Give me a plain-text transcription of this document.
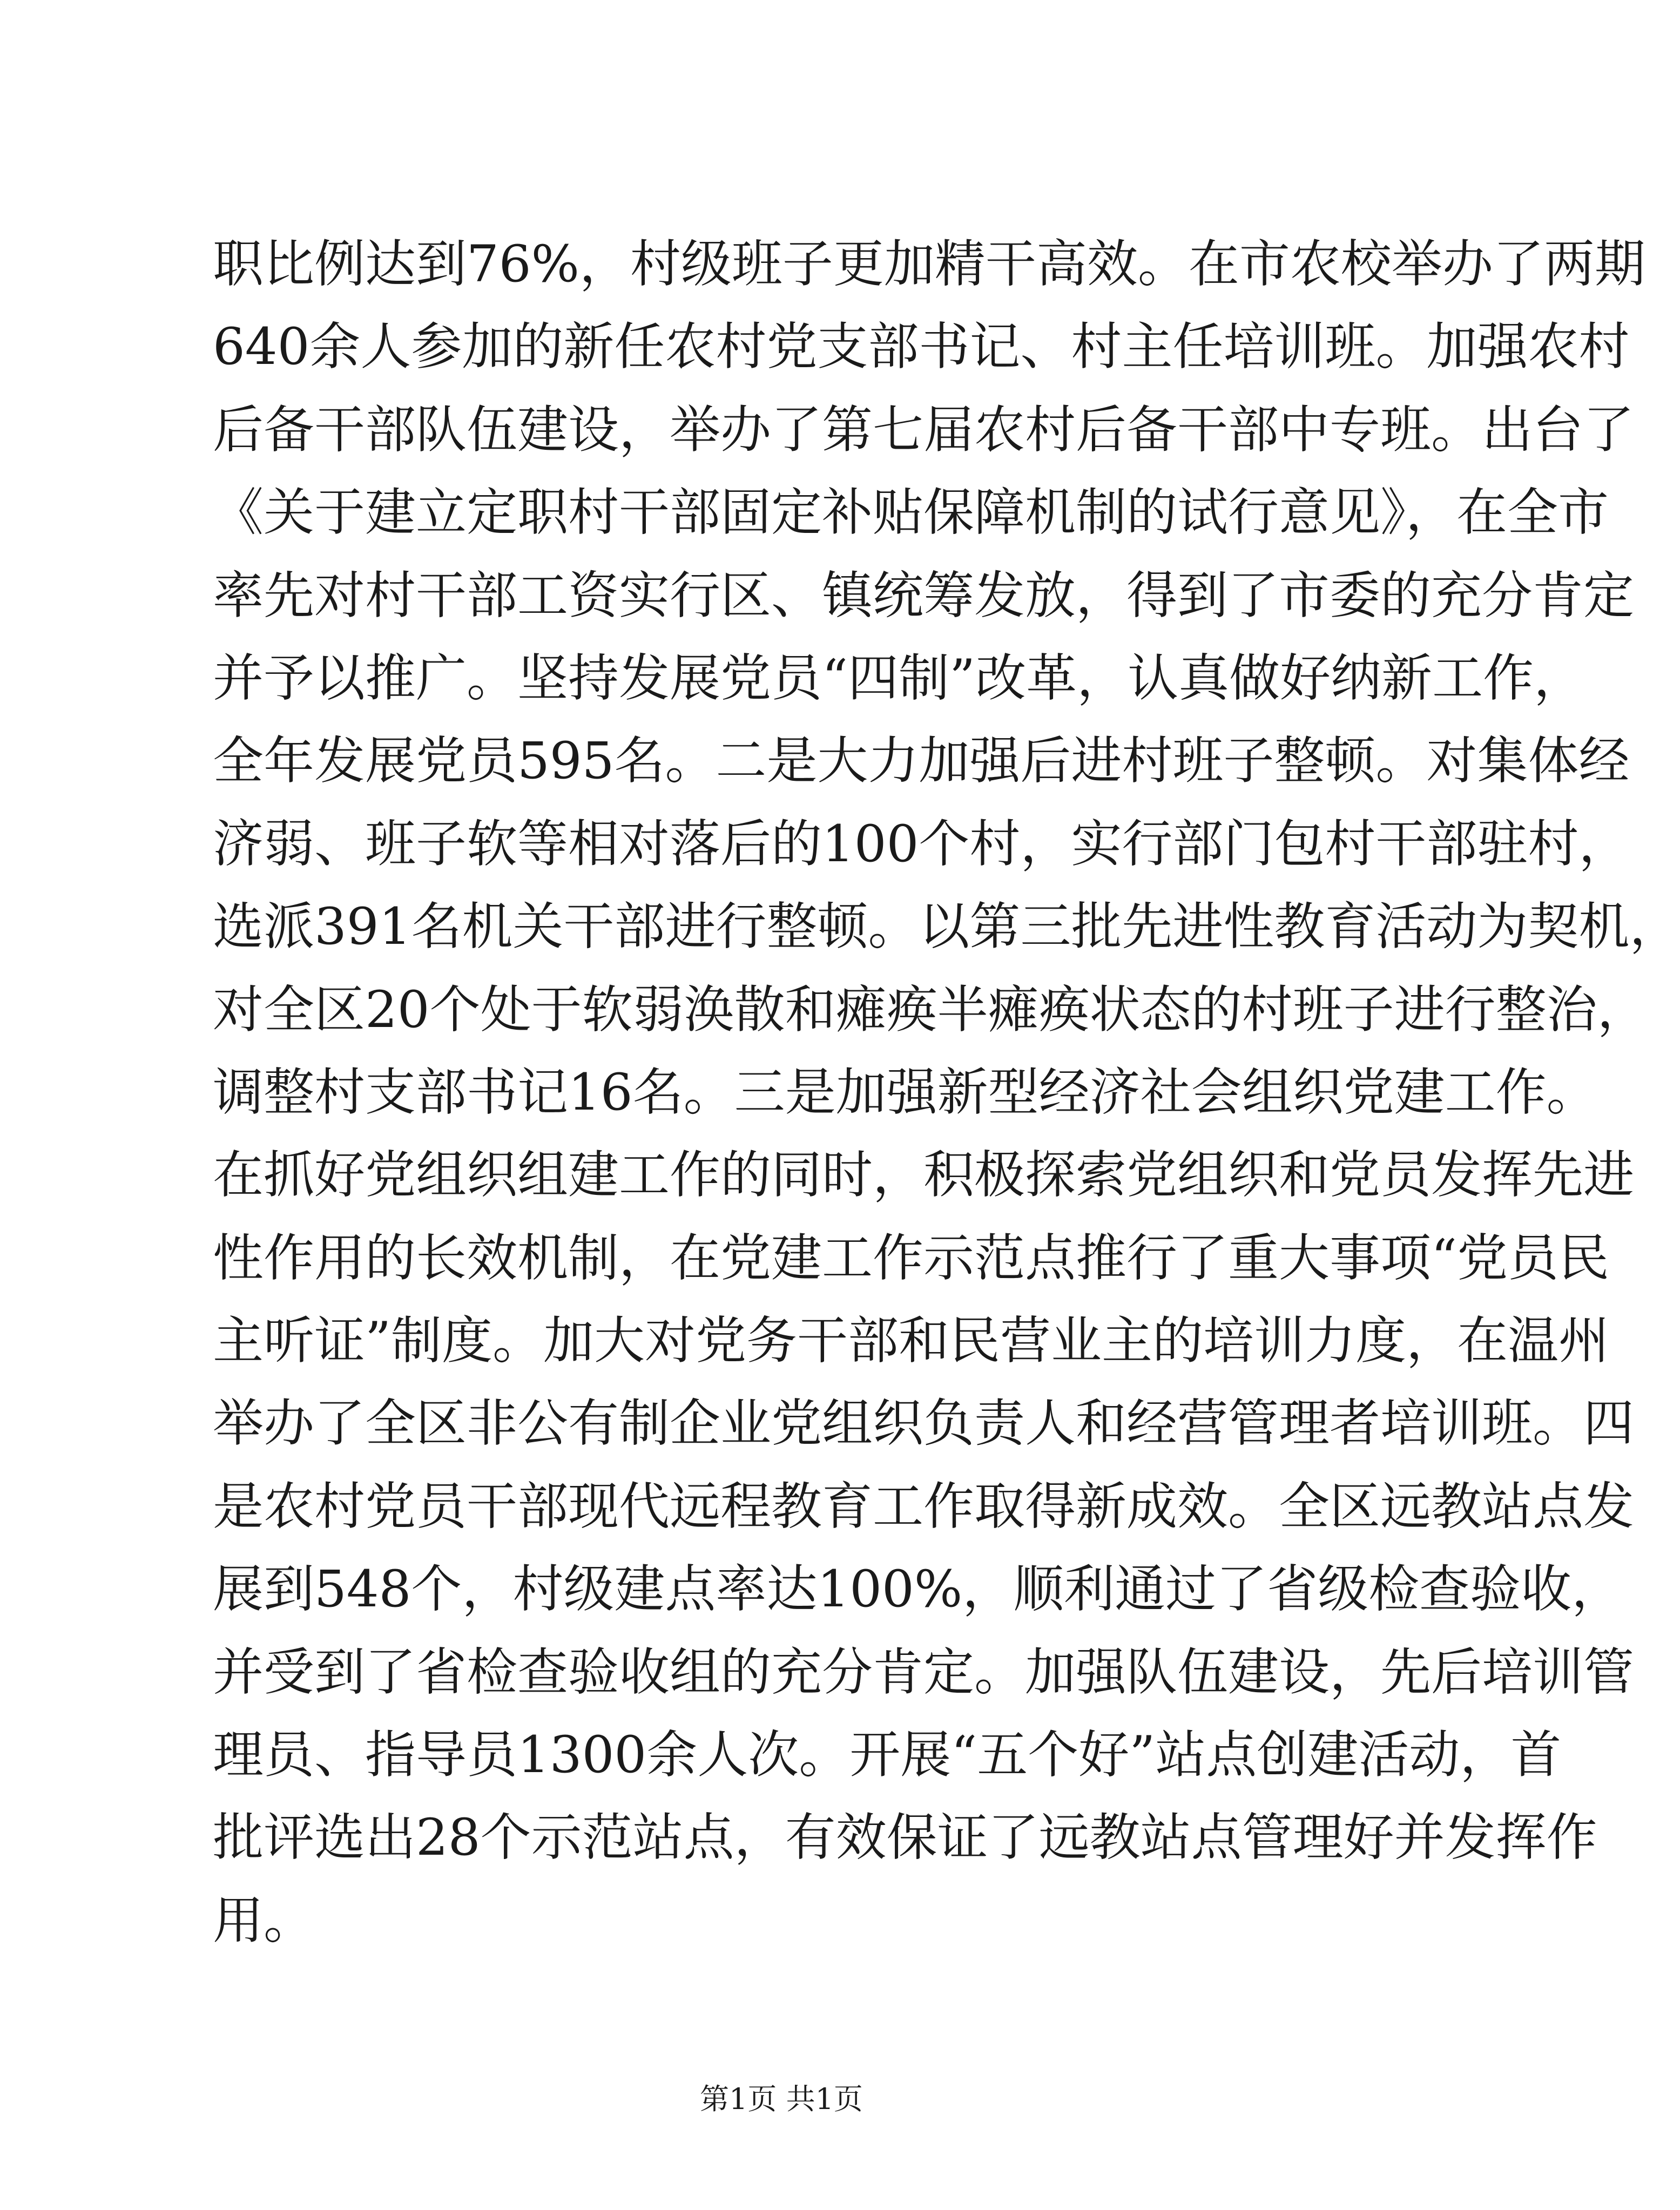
职比例达到76%，村级班子更加精干高效。在市农校举办了两期
640余人参加的新任农村党支部书记、村主任培训班。加强农村
后备干部队伍建设，举办了第七届农村后备干部中专班。出台了
《关于建立定职村干部固定补贴保障机制的试行意见》，在全市
率先对村干部工资实行区、镇统筹发放，得到了市委的充分肯定
并予以推广。坚持发展党员“四制”改革，认真做好纳新工作，
全年发展党员595名。二是大力加强后进村班子整顿。对集体经
济弱、班子软等相对落后的100个村，实行部门包村干部驻村，
选派391名机关干部进行整顿。以第三批先进性教育活动为契机，
对全区20个处于软弱涣散和瘫痪半瘫痪状态的村班子进行整治，
调整村支部书记16名。三是加强新型经济社会组织党建工作。
在抓好党组织组建工作的同时，积极探索党组织和党员发挥先进
性作用的长效机制，在党建工作示范点推行了重大事项“党员民
主听证”制度。加大对党务干部和民营业主的培训力度，在温州
举办了全区非公有制企业党组织负责人和经营管理者培训班。四
是农村党员干部现代远程教育工作取得新成效。全区远教站点发
展到548个，村级建点率达100%，顺利通过了省级检查验收，
并受到了省检查验收组的充分肯定。加强队伍建设，先后培训管
理员、指导员1300余人次。开展“五个好”站点创建活动，首
批评选出28个示范站点，有效保证了远教站点管理好并发挥作
用。
第1页 共1页
